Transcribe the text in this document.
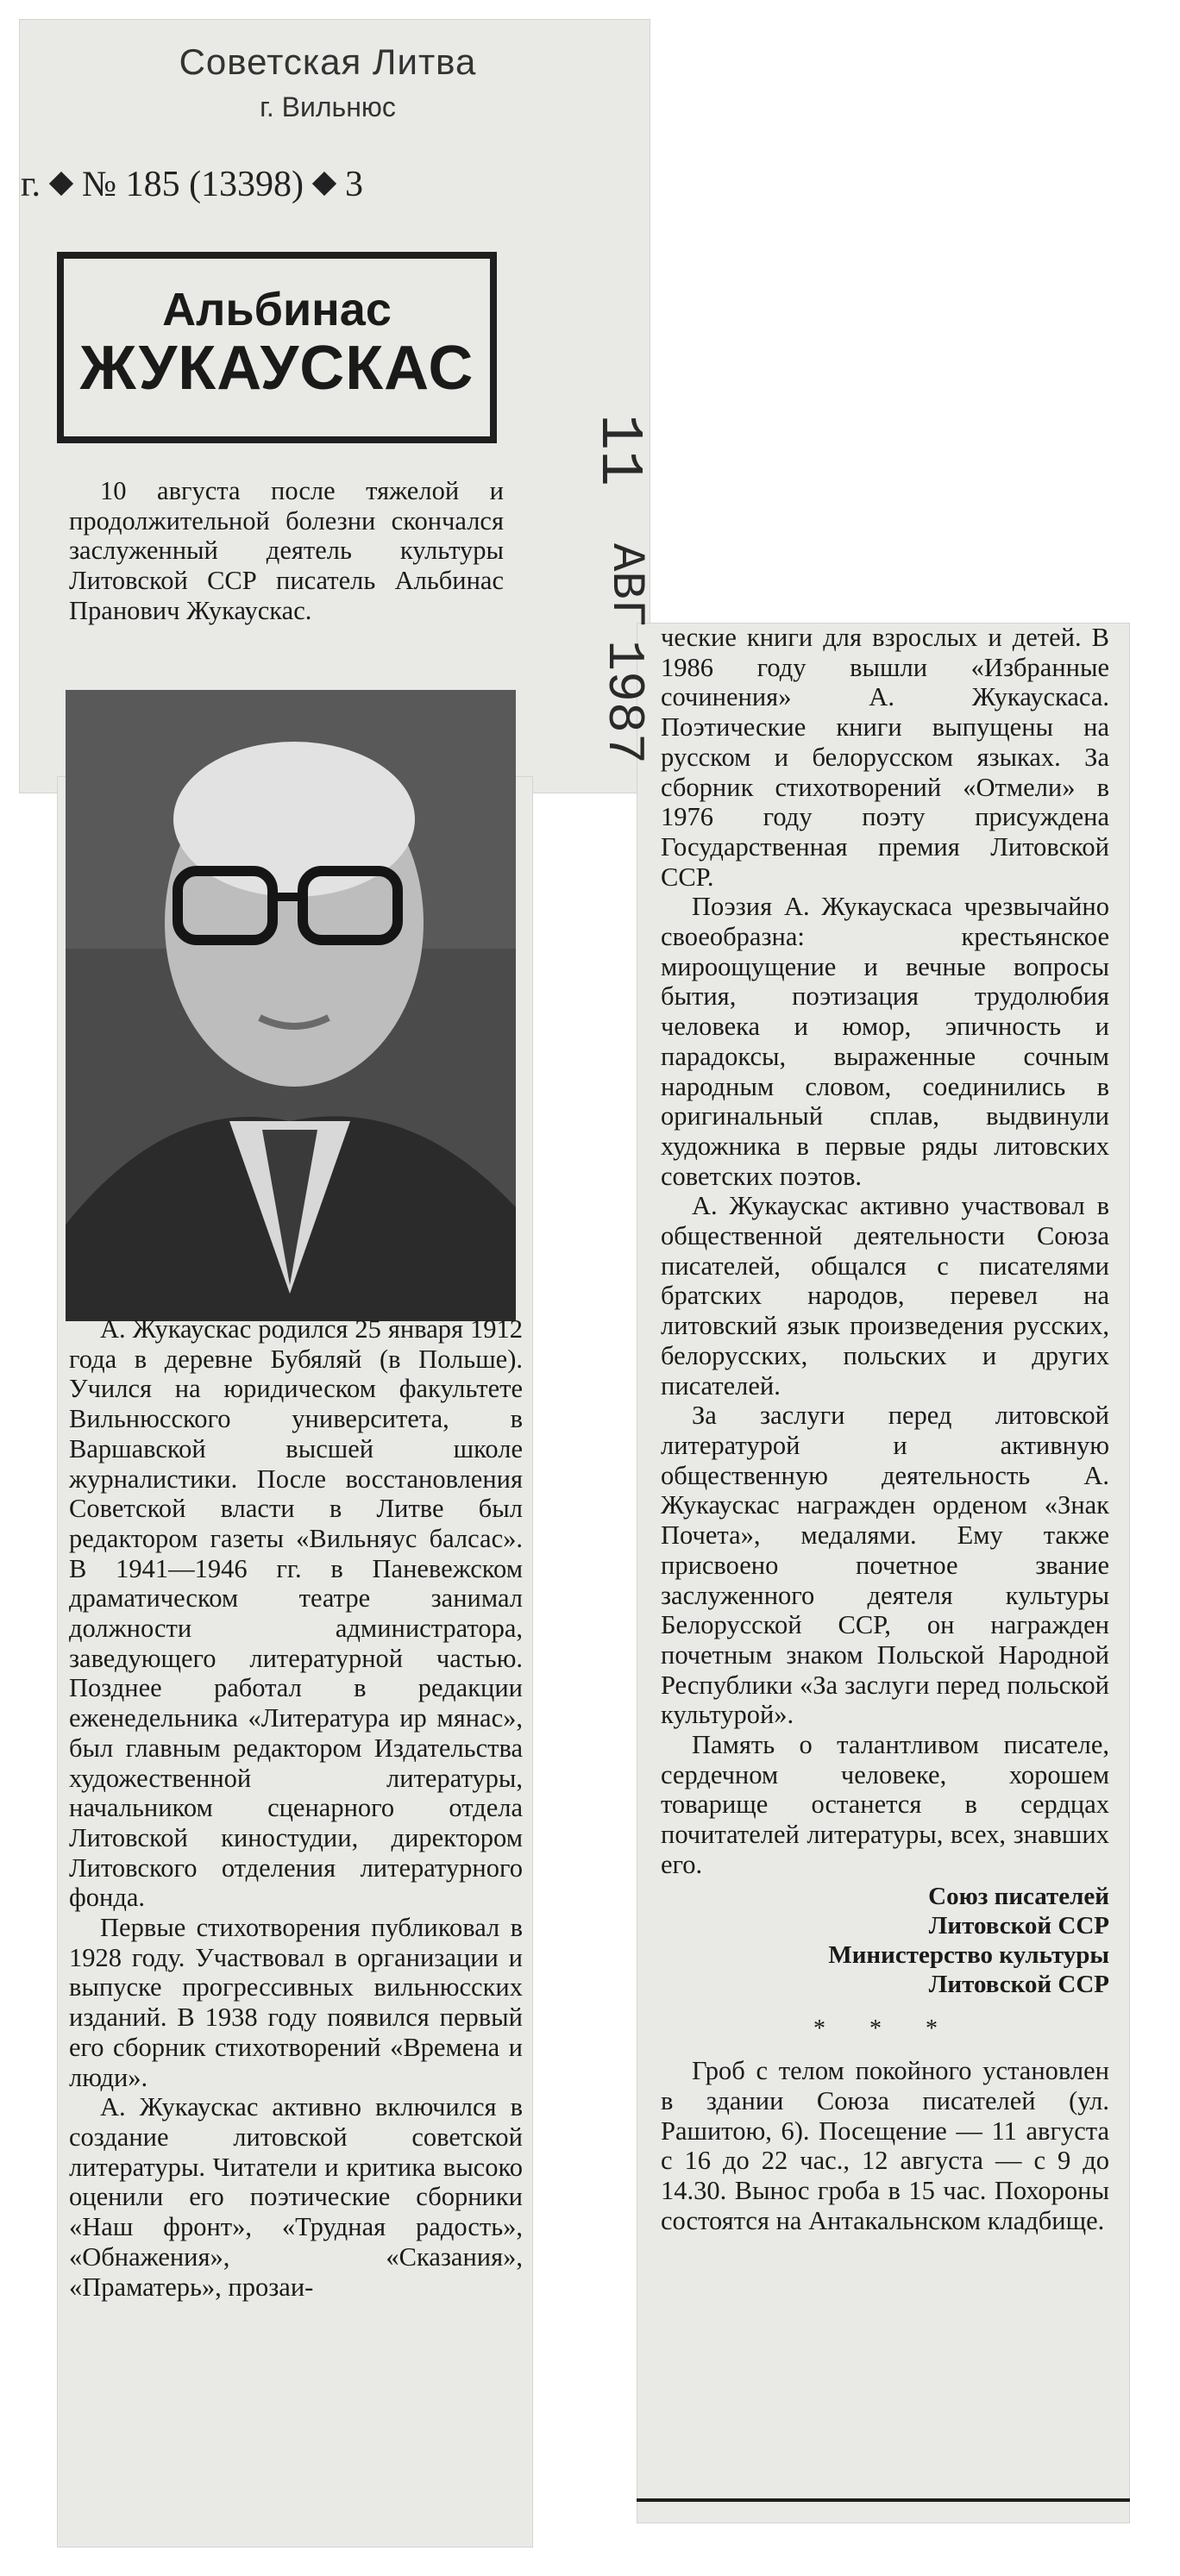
Советская Литва
г. Вильнюс
г. № 185 (13398) 3
Альбинас
ЖУКАУСКАС
11
АВГ
1987

10 августа после тяжелой и продолжительной болезни скончался заслуженный деятель культуры Литовской ССР писатель Альбинас Пранович Жукаускас.

А. Жукаускас родился 25 января 1912 года в деревне Бубяляй (в Польше). Учился на юридическом факультете Вильнюсского университета, в Варшавской высшей школе журналистики. После восстановления Советской власти в Литве был редактором газеты «Вильняус балсас». В 1941—1946 гг. в Паневежском драматическом театре занимал должности администратора, заведующего литературной частью. Позднее работал в редакции еженедельника «Литература ир мянас», был главным редактором Издательства художественной литературы, начальником сценарного отдела Литовской киностудии, директором Литовского отделения литературного фонда.

Первые стихотворения публиковал в 1928 году. Участвовал в организации и выпуске прогрессивных вильнюсских изданий. В 1938 году появился первый его сборник стихотворений «Времена и люди».

А. Жукаускас активно включился в создание литовской советской литературы. Читатели и критика высоко оценили его поэтические сборники «Наш фронт», «Трудная радость», «Обнажения», «Сказания», «Праматерь», прозаи-

ческие книги для взрослых и детей. В 1986 году вышли «Избранные сочинения» А. Жукаускаса. Поэтические книги выпущены на русском и белорусском языках. За сборник стихотворений «Отмели» в 1976 году поэту присуждена Государственная премия Литовской ССР.

Поэзия А. Жукаускаса чрезвычайно своеобразна: крестьянское мироощущение и вечные вопросы бытия, поэтизация трудолюбия человека и юмор, эпичность и парадоксы, выраженные сочным народным словом, соединились в оригинальный сплав, выдвинули художника в первые ряды литовских советских поэтов.

А. Жукаускас активно участвовал в общественной деятельности Союза писателей, общался с писателями братских народов, перевел на литовский язык произведения русских, белорусских, польских и других писателей.

За заслуги перед литовской литературой и активную общественную деятельность А. Жукаускас награжден орденом «Знак Почета», медалями. Ему также присвоено почетное звание заслуженного деятеля культуры Белорусской ССР, он награжден почетным знаком Польской Народной Республики «За заслуги перед польской культурой».

Память о талантливом писателе, сердечном человеке, хорошем товарище останется в сердцах почитателей литературы, всех, знавших его.

Союз писателей
Литовской ССР
Министерство культуры
Литовской ССР
* * *

Гроб с телом покойного установлен в здании Союза писателей (ул. Рашитою, 6). Посещение — 11 августа с 16 до 22 час., 12 августа — с 9 до 14.30. Вынос гроба в 15 час. Похороны состоятся на Антакальнском кладбище.
